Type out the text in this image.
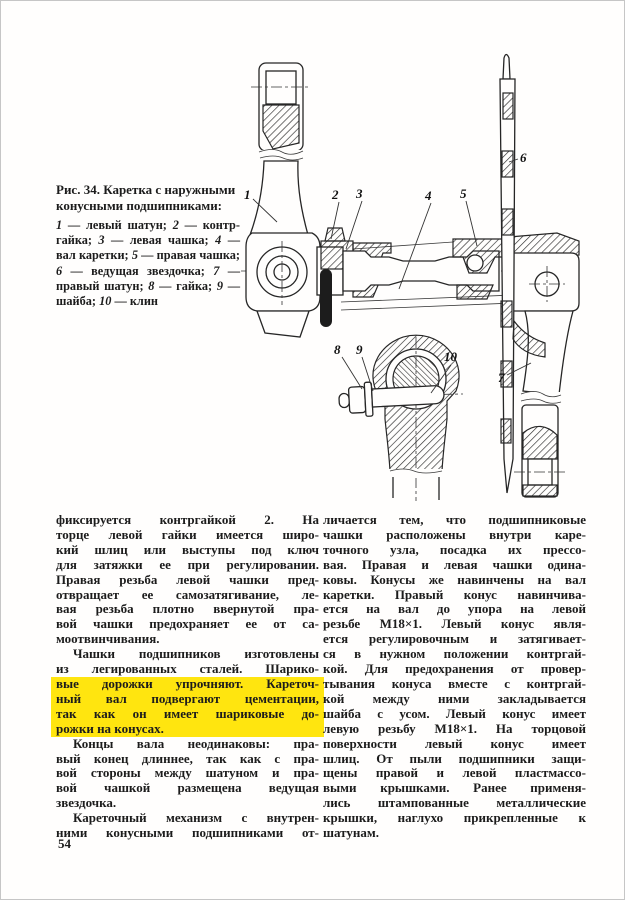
1	2 3	4 5
6
7
8 9	10
Рис. 34. Каретка с наружными конусными подшипниками:

1 — левый шатун; 2 — контргайка; 3 — левая чашка; 4 — вал каретки; 5 — правая чашка; 6 — ведущая звездочка; 7 — правый шатун; 8 — гайка; 9 — шайба; 10 — клин

фиксируется контргайкой 2. На
торце левой гайки имеется широ-
кий шлиц или выступы под ключ
для затяжки ее при регулировании.
Правая резьба левой чашки пред-
отвращает ее самозатягивание, ле-
вая резьба плотно ввернутой пра-
вой чашки предохраняет ее от са-
моотвинчивания.
Чашки подшипников изготовлены
из легированных сталей. Шарико-
вые дорожки упрочняют. Кареточ-
ный вал подвергают цементации,
так как он имеет шариковые до-
рожки на конусах.
Концы вала неодинаковы: пра-
вый конец длиннее, так как с пра-
вой стороны между шатуном и пра-
вой чашкой размещена ведущая
звездочка.
Кареточный механизм с внутрен-
ними конусными подшипниками от-
личается тем, что подшипниковые
чашки расположены внутри каре-
точного узла, посадка их прессо-
вая. Правая и левая чашки одина-
ковы. Конусы же навинчены на вал
каретки. Правый конус навинчива-
ется на вал до упора на левой
резьбе М18×1. Левый конус явля-
ется регулировочным и затягивает-
ся в нужном положении контргай-
кой. Для предохранения от провер-
тывания конуса вместе с контргай-
кой между ними закладывается
шайба с усом. Левый конус имеет
левую резьбу М18×1. На торцовой
поверхности левый конус имеет
шлиц. От пыли подшипники защи-
щены правой и левой пластмассо-
выми крышками. Ранее применя-
лись штампованные металлические
крышки, наглухо прикрепленные к
шатунам.
54
